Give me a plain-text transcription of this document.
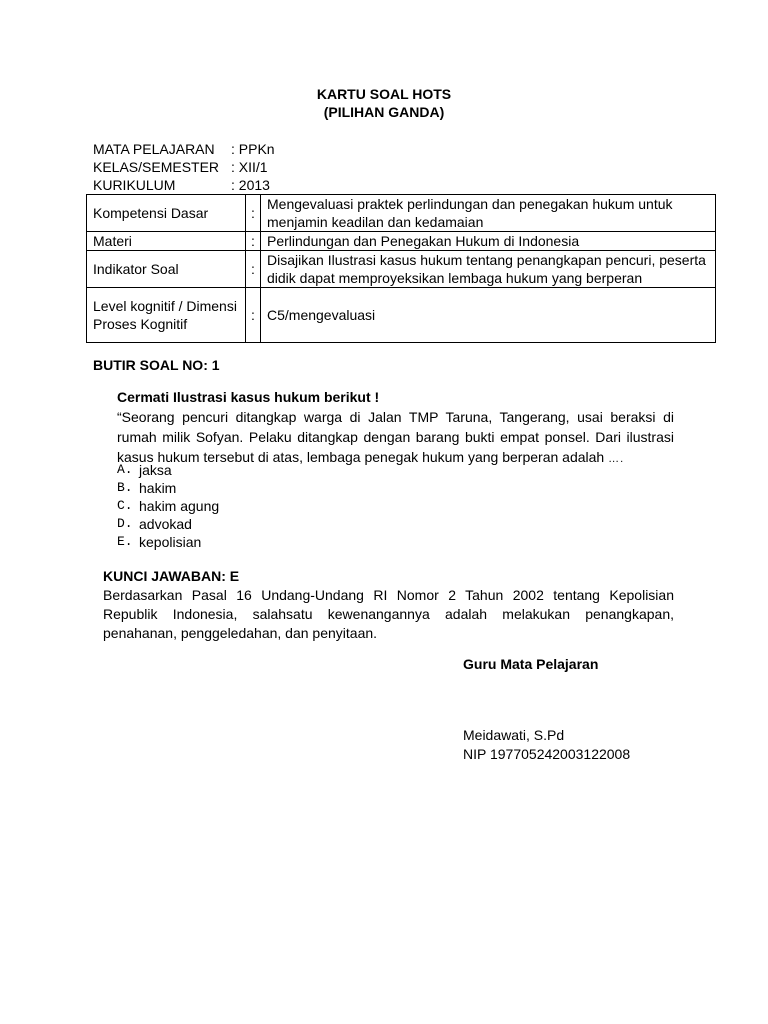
KARTU SOAL HOTS
(PILIHAN GANDA)
MATA PELAJARAN	: PPKn
KELAS/SEMESTER : XII/1
KURIKULUM	: 2013
Kompetensi Dasar	:	Mengevaluasi praktek perlindungan dan penegakan hukum untuk menjamin keadilan dan kedamaian
Materi	:	Perlindungan dan Penegakan Hukum di Indonesia
Indikator Soal	:	Disajikan Ilustrasi kasus hukum tentang penangkapan pencuri, peserta didik dapat memproyeksikan lembaga hukum yang berperan
Level kognitif / Dimensi Proses Kognitif	:	C5/mengevaluasi
BUTIR SOAL NO: 1
Cermati Ilustrasi kasus hukum berikut !
“Seorang pencuri ditangkap warga di Jalan TMP Taruna, Tangerang, usai beraksi di rumah milik Sofyan. Pelaku ditangkap dengan barang bukti empat ponsel. Dari ilustrasi kasus hukum tersebut di atas, lembaga penegak hukum yang berperan adalah ….
A. jaksa
B. hakim
C. hakim agung
D. advokad
E. kepolisian
KUNCI JAWABAN: E
Berdasarkan Pasal 16 Undang-Undang RI Nomor 2 Tahun 2002 tentang Kepolisian Republik Indonesia, salahsatu kewenangannya adalah melakukan penangkapan, penahanan, penggeledahan, dan penyitaan.
Guru Mata Pelajaran
Meidawati, S.Pd
NIP 197705242003122008
